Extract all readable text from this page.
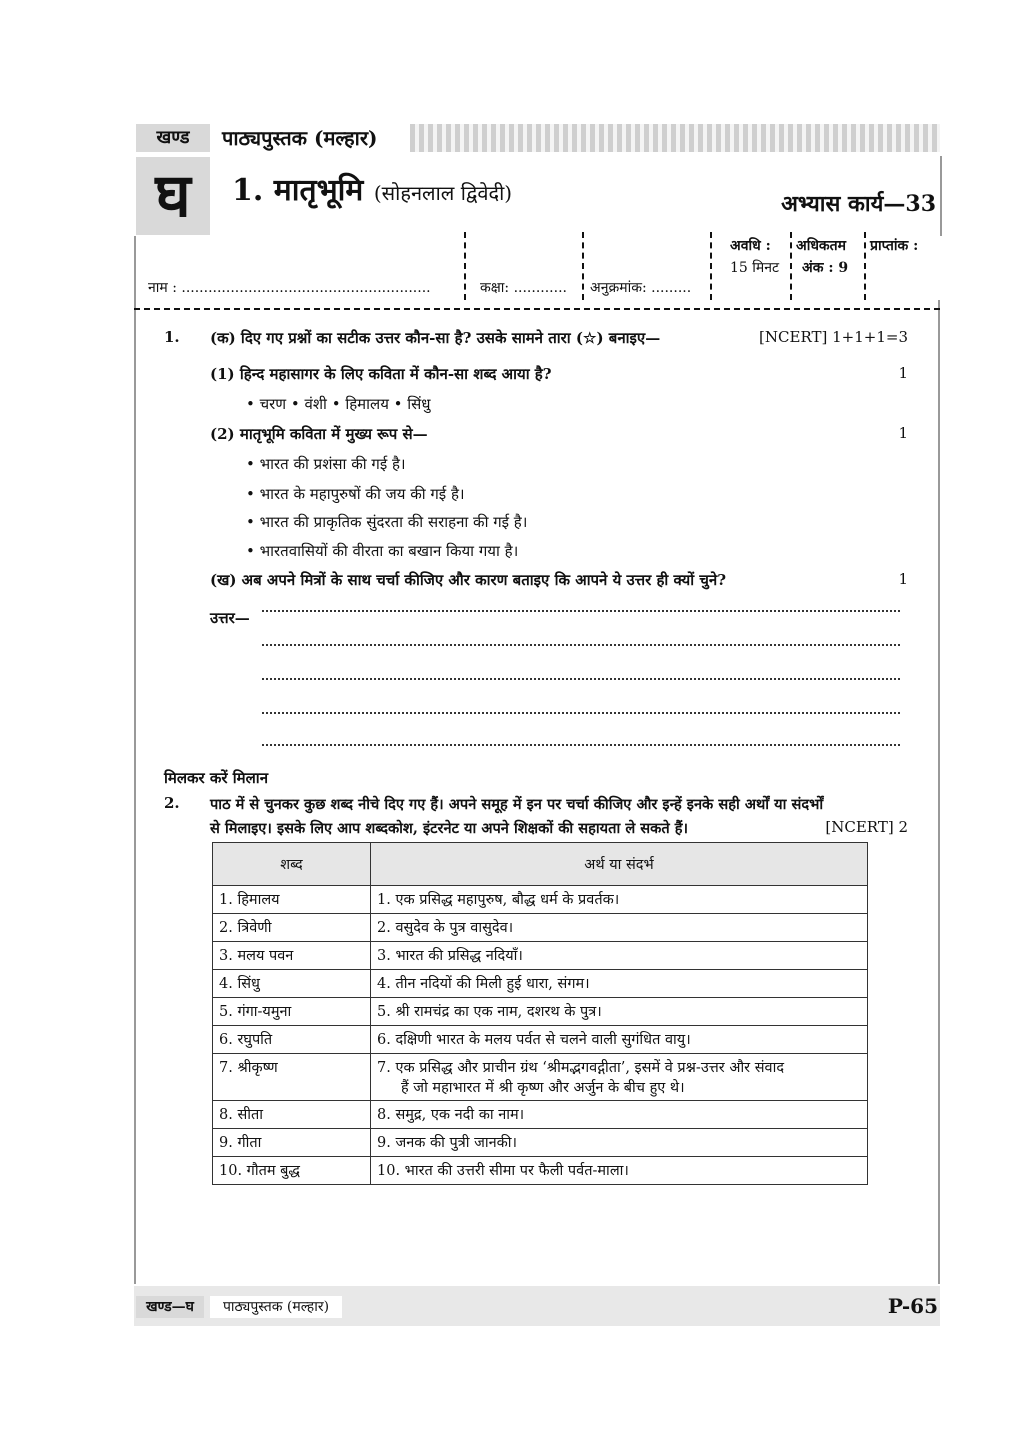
खण्ड	पाठ्यपुस्तक (मल्हार)
घ	1. मातृभूमि (सोहनलाल द्विवेदी)	अभ्यास कार्य—33
नाम : ........................................................	कक्षा: ............ अनुक्रमांक: .........
अवधि :
15 मिनट
अधिकतम
अंक : 9
प्राप्तांक :
1. (क) दिए गए प्रश्नों का सटीक उत्तर कौन-सा है? उसके सामने तारा (☆) बनाइए—	[NCERT] 1+1+1=3
(1) हिन्द महासागर के लिए कविता में कौन-सा शब्द आया है?	1
• चरण • वंशी • हिमालय • सिंधु
(2) मातृभूमि कविता में मुख्य रूप से—	1
• भारत की प्रशंसा की गई है।
• भारत के महापुरुषों की जय की गई है।
• भारत की प्राकृतिक सुंदरता की सराहना की गई है।
• भारतवासियों की वीरता का बखान किया गया है।
(ख) अब अपने मित्रों के साथ चर्चा कीजिए और कारण बताइए कि आपने ये उत्तर ही क्यों चुने?	1
उत्तर—
मिलकर करें मिलान
2. पाठ में से चुनकर कुछ शब्द नीचे दिए गए हैं। अपने समूह में इन पर चर्चा कीजिए और इन्हें इनके सही अर्थों या संदर्भों
से मिलाइए। इसके लिए आप शब्दकोश, इंटरनेट या अपने शिक्षकों की सहायता ले सकते हैं।	[NCERT] 2
शब्द	अर्थ या संदर्भ
1. हिमालय	1. एक प्रसिद्ध महापुरुष, बौद्ध धर्म के प्रवर्तक।
2. त्रिवेणी	2. वसुदेव के पुत्र वासुदेव।
3. मलय पवन	3. भारत की प्रसिद्ध नदियाँ।
4. सिंधु	4. तीन नदियों की मिली हुई धारा, संगम।
5. गंगा-यमुना	5. श्री रामचंद्र का एक नाम, दशरथ के पुत्र।
6. रघुपति	6. दक्षिणी भारत के मलय पर्वत से चलने वाली सुगंधित वायु।
7. श्रीकृष्ण	7. एक प्रसिद्ध और प्राचीन ग्रंथ ‘श्रीमद्भगवद्गीता’, इसमें वे प्रश्न-उत्तर और संवाद
हैं जो महाभारत में श्री कृष्ण और अर्जुन के बीच हुए थे।

8. सीता	8. समुद्र, एक नदी का नाम।
9. गीता	9. जनक की पुत्री जानकी।
10. गौतम बुद्ध	10. भारत की उत्तरी सीमा पर फैली पर्वत-माला।
खण्ड—घ	पाठ्यपुस्तक (मल्हार)	P-65
